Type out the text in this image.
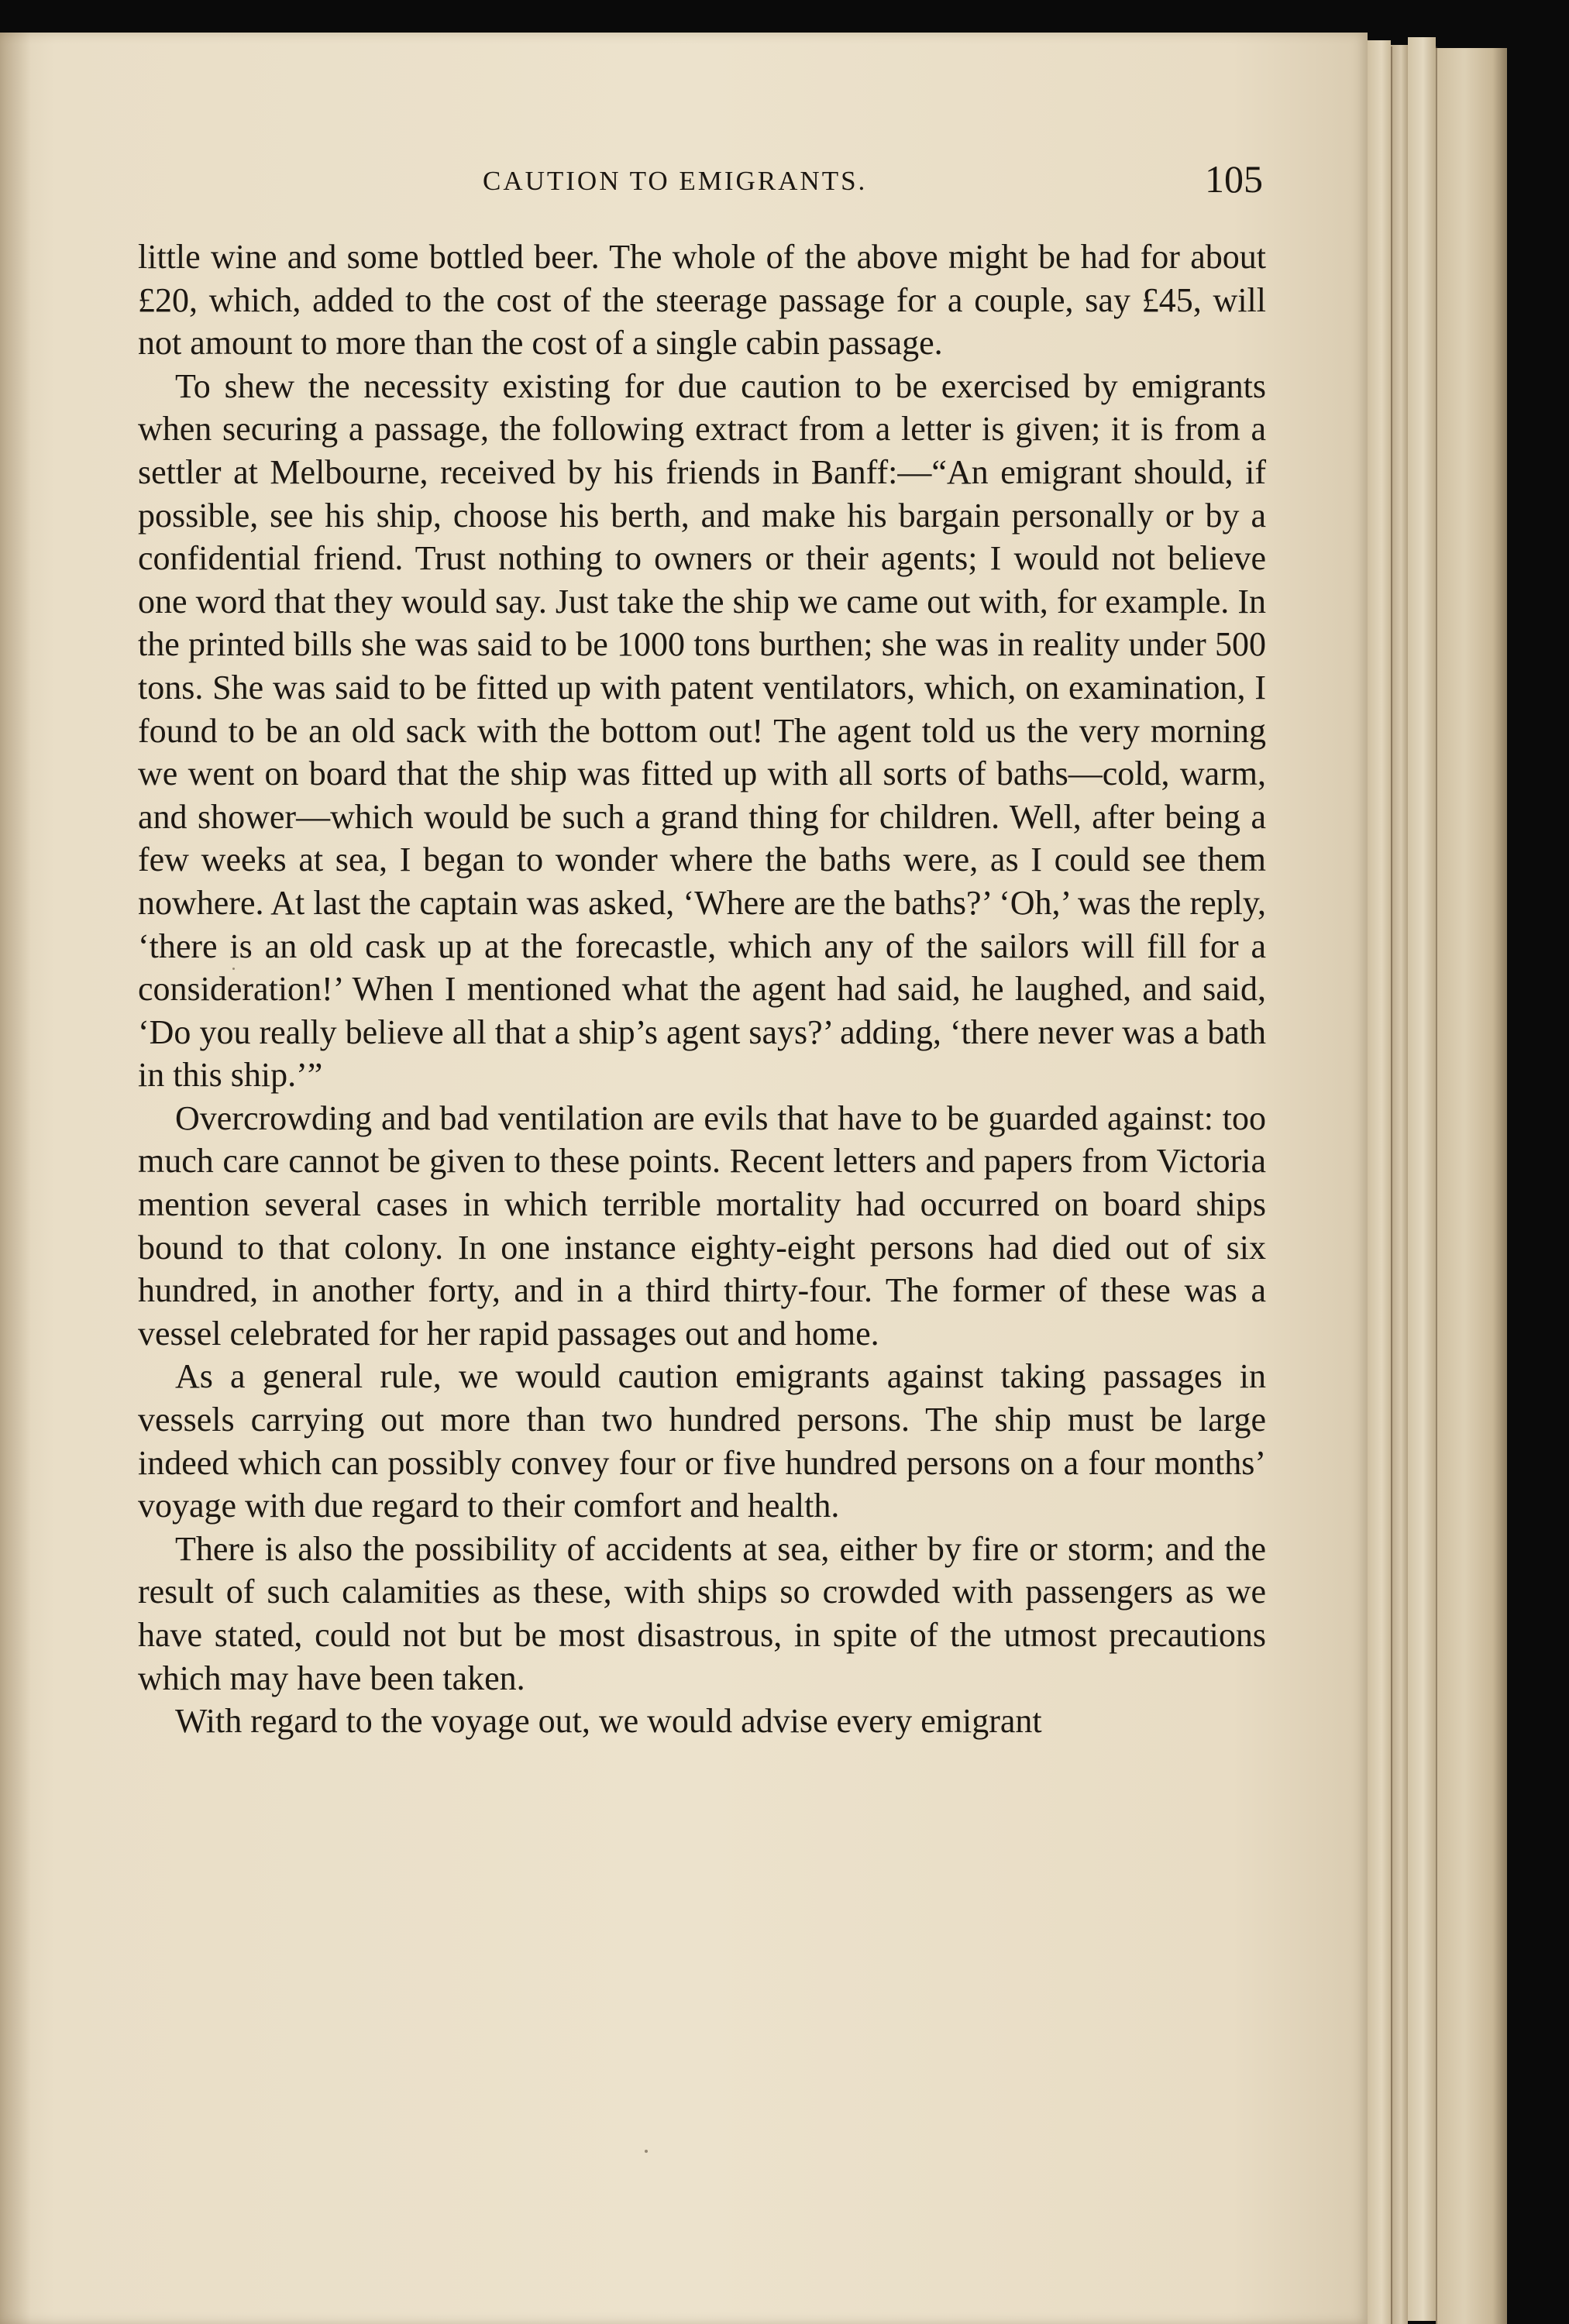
CAUTION TO EMIGRANTS.	105

little wine and some bottled beer. The whole of the above might be had for about £20, which, added to the cost of the steerage passage for a couple, say £45, will not amount to more than the cost of a single cabin passage.

To shew the necessity existing for due caution to be exercised by emigrants when securing a passage, the following extract from a letter is given; it is from a settler at Melbourne, received by his friends in Banff:—“An emigrant should, if possible, see his ship, choose his berth, and make his bargain personally or by a confidential friend. Trust nothing to owners or their agents; I would not believe one word that they would say. Just take the ship we came out with, for example. In the printed bills she was said to be 1000 tons burthen; she was in reality under 500 tons. She was said to be fitted up with patent ventilators, which, on examination, I found to be an old sack with the bottom out! The agent told us the very morning we went on board that the ship was fitted up with all sorts of baths—cold, warm, and shower—which would be such a grand thing for children. Well, after being a few weeks at sea, I began to wonder where the baths were, as I could see them nowhere. At last the captain was asked, ‘Where are the baths?’ ‘Oh,’ was the reply, ‘there is an old cask up at the forecastle, which any of the sailors will fill for a consideration!’ When I mentioned what the agent had said, he laughed, and said, ‘Do you really believe all that a ship’s agent says?’ adding, ‘there never was a bath in this ship.’”

Overcrowding and bad ventilation are evils that have to be guarded against: too much care cannot be given to these points. Recent letters and papers from Victoria mention several cases in which terrible mortality had occurred on board ships bound to that colony. In one instance eighty-eight persons had died out of six hundred, in another forty, and in a third thirty-four. The former of these was a vessel celebrated for her rapid passages out and home.

As a general rule, we would caution emigrants against taking passages in vessels carrying out more than two hundred persons. The ship must be large indeed which can possibly convey four or five hundred persons on a four months’ voyage with due regard to their comfort and health.

There is also the possibility of accidents at sea, either by fire or storm; and the result of such calamities as these, with ships so crowded with passengers as we have stated, could not but be most disastrous, in spite of the utmost precautions which may have been taken.

With regard to the voyage out, we would advise every emigrant
